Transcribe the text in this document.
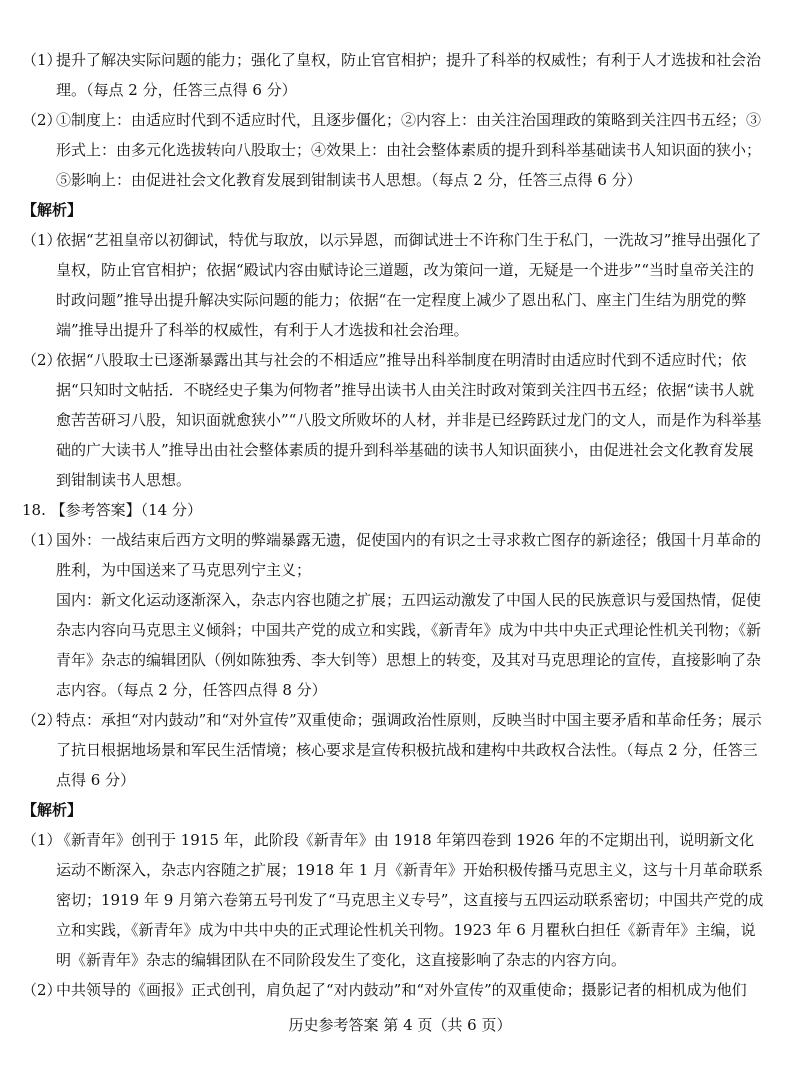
（1）

提升了解决实际问题的能力；强化了皇权，防止官官相护；提升了科举的权威性；有利于人才选拔和社会治理。（每点 2 分，任答三点得 6 分）

（2）

①制度上：由适应时代到不适应时代，且逐步僵化；②内容上：由关注治国理政的策略到关注四书五经；③形式上：由多元化选拔转向八股取士；④效果上：由社会整体素质的提升到科举基础读书人知识面的狭小；⑤影响上：由促进社会文化教育发展到钳制读书人思想。（每点 2 分，任答三点得 6 分）

【解析】

（1）

依据“艺祖皇帝以初御试，特优与取放，以示异恩，而御试进士不许称门生于私门，一洗故习”推导出强化了皇权，防止官官相护；依据“殿试内容由赋诗论三道题，改为策问一道，无疑是一个进步”“当时皇帝关注的时政问题”推导出提升解决实际问题的能力；依据“在一定程度上减少了恩出私门、座主门生结为朋党的弊端”推导出提升了科举的权威性，有利于人才选拔和社会治理。

（2）

依据“八股取士已逐渐暴露出其与社会的不相适应”推导出科举制度在明清时由适应时代到不适应时代；依据“只知时文帖括．不晓经史子集为何物者”推导出读书人由关注时政对策到关注四书五经；依据“读书人就愈苦苦研习八股，知识面就愈狭小”“八股文所败坏的人材，并非是已经跨跃过龙门的文人，而是作为科举基础的广大读书人”推导出由社会整体素质的提升到科举基础的读书人知识面狭小，由促进社会文化教育发展到钳制读书人思想。

18. 【参考答案】（14 分）

（1）

国外：一战结束后西方文明的弊端暴露无遗，促使国内的有识之士寻求救亡图存的新途径；俄国十月革命的胜利，为中国送来了马克思列宁主义；

国内：新文化运动逐渐深入，杂志内容也随之扩展；五四运动激发了中国人民的民族意识与爱国热情，促使杂志内容向马克思主义倾斜；中国共产党的成立和实践，《新青年》成为中共中央正式理论性机关刊物；《新青年》杂志的编辑团队（例如陈独秀、李大钊等）思想上的转变，及其对马克思理论的宣传，直接影响了杂志内容。（每点 2 分，任答四点得 8 分）

（2）

特点：承担“对内鼓动”和“对外宣传”双重使命；强调政治性原则，反映当时中国主要矛盾和革命任务；展示了抗日根据地场景和军民生活情境；核心要求是宣传积极抗战和建构中共政权合法性。（每点 2 分，任答三点得 6 分）

【解析】

（1）

《新青年》创刊于 1915 年，此阶段《新青年》由 1918 年第四卷到 1926 年的不定期出刊，说明新文化运动不断深入，杂志内容随之扩展；1918 年 1 月《新青年》开始积极传播马克思主义，这与十月革命联系密切；1919 年 9 月第六卷第五号刊发了“马克思主义专号”，这直接与五四运动联系密切；中国共产党的成立和实践，《新青年》成为中共中央的正式理论性机关刊物。1923 年 6 月瞿秋白担任《新青年》主编，说明《新青年》杂志的编辑团队在不同阶段发生了变化，这直接影响了杂志的内容方向。

（2）

中共领导的《画报》正式创刊，肩负起了“对内鼓动”和“对外宣传”的双重使命；摄影记者的相机成为他们

历史参考答案 第 4 页（共 6 页）
